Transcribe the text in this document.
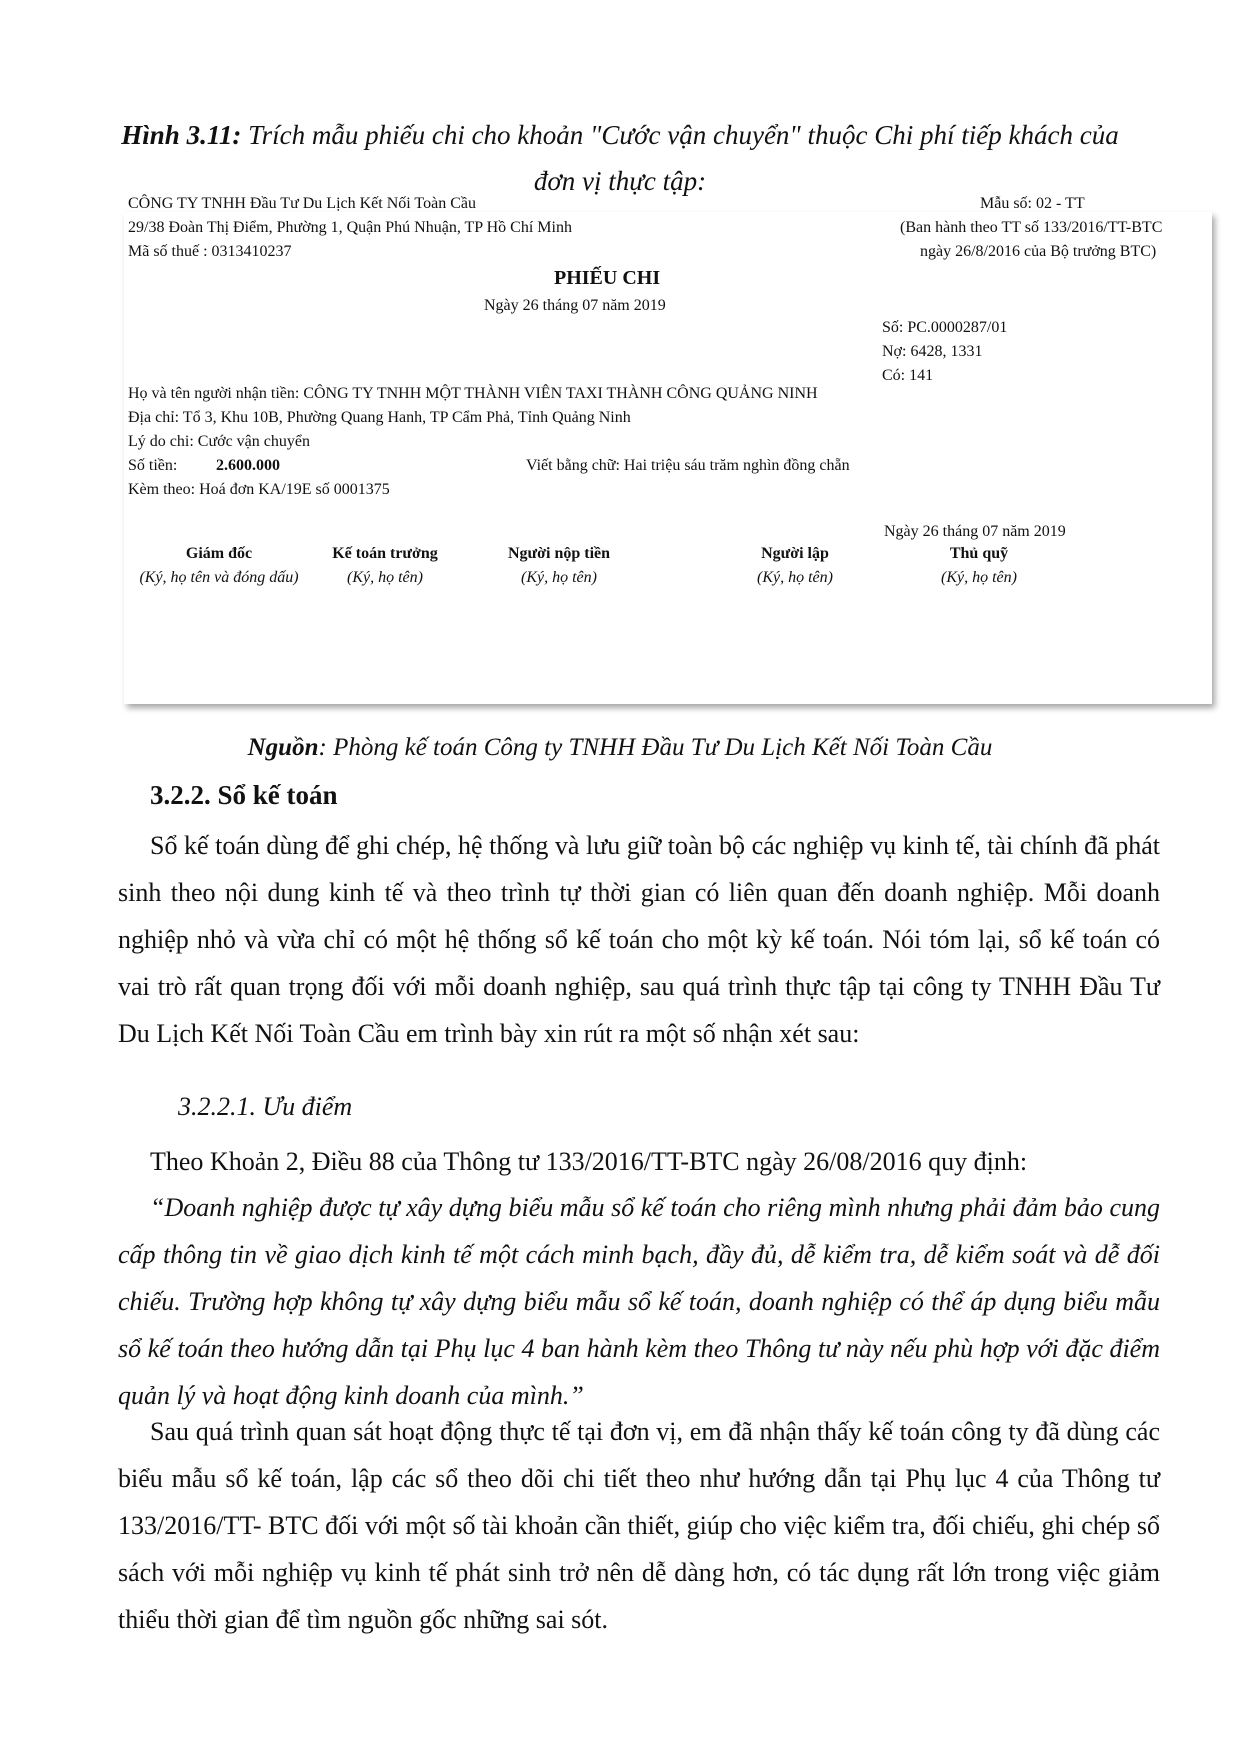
Hình 3.11: Trích mẫu phiếu chi cho khoản "Cước vận chuyển" thuộc Chi phí tiếp khách của đơn vị thực tập:
CÔNG TY TNHH Đầu Tư Du Lịch Kết Nối Toàn Cầu
29/38 Đoàn Thị Điểm, Phường 1, Quận Phú Nhuận, TP Hồ Chí Minh
Mã số thuế : 0313410237
Mẫu số: 02 - TT
(Ban hành theo TT số 133/2016/TT-BTC
ngày 26/8/2016 của Bộ trưởng BTC)
PHIẾU CHI
Ngày 26 tháng 07 năm 2019
Số: PC.0000287/01
Nợ: 6428, 1331
Có: 141
Họ và tên người nhận tiền: CÔNG TY TNHH MỘT THÀNH VIÊN TAXI THÀNH CÔNG QUẢNG NINH
Địa chỉ: Tổ 3, Khu 10B, Phường Quang Hanh, TP Cẩm Phả, Tỉnh Quảng Ninh
Lý do chi: Cước vận chuyển
Số tiền: 2.600.000	Viết bằng chữ: Hai triệu sáu trăm nghìn đồng chẵn
Kèm theo: Hoá đơn KA/19E số 0001375
Ngày 26 tháng 07 năm 2019
Giám đốc
(Ký, họ tên và đóng dấu)
Kế toán trưởng
(Ký, họ tên)
Người nộp tiền
(Ký, họ tên)
Người lập
(Ký, họ tên)
Thủ quỹ
(Ký, họ tên)
Nguồn: Phòng kế toán Công ty TNHH Đầu Tư Du Lịch Kết Nối Toàn Cầu
3.2.2. Sổ kế toán
Sổ kế toán dùng để ghi chép, hệ thống và lưu giữ toàn bộ các nghiệp vụ kinh tế, tài chính đã phát sinh theo nội dung kinh tế và theo trình tự thời gian có liên quan đến doanh nghiệp. Mỗi doanh nghiệp nhỏ và vừa chỉ có một hệ thống sổ kế toán cho một kỳ kế toán. Nói tóm lại, sổ kế toán có vai trò rất quan trọng đối với mỗi doanh nghiệp, sau quá trình thực tập tại công ty TNHH Đầu Tư Du Lịch Kết Nối Toàn Cầu em trình bày xin rút ra một số nhận xét sau:
3.2.2.1. Ưu điểm
Theo Khoản 2, Điều 88 của Thông tư 133/2016/TT-BTC ngày 26/08/2016 quy định:
“Doanh nghiệp được tự xây dựng biểu mẫu sổ kế toán cho riêng mình nhưng phải đảm bảo cung cấp thông tin về giao dịch kinh tế một cách minh bạch, đầy đủ, dễ kiểm tra, dễ kiểm soát và dễ đối chiếu. Trường hợp không tự xây dựng biểu mẫu sổ kế toán, doanh nghiệp có thể áp dụng biểu mẫu sổ kế toán theo hướng dẫn tại Phụ lục 4 ban hành kèm theo Thông tư này nếu phù hợp với đặc điểm quản lý và hoạt động kinh doanh của mình.”
Sau quá trình quan sát hoạt động thực tế tại đơn vị, em đã nhận thấy kế toán công ty đã dùng các biểu mẫu sổ kế toán, lập các sổ theo dõi chi tiết theo như hướng dẫn tại Phụ lục 4 của Thông tư 133/2016/TT- BTC đối với một số tài khoản cần thiết, giúp cho việc kiểm tra, đối chiếu, ghi chép sổ sách với mỗi nghiệp vụ kinh tế phát sinh trở nên dễ dàng hơn, có tác dụng rất lớn trong việc giảm thiểu thời gian để tìm nguồn gốc những sai sót.
